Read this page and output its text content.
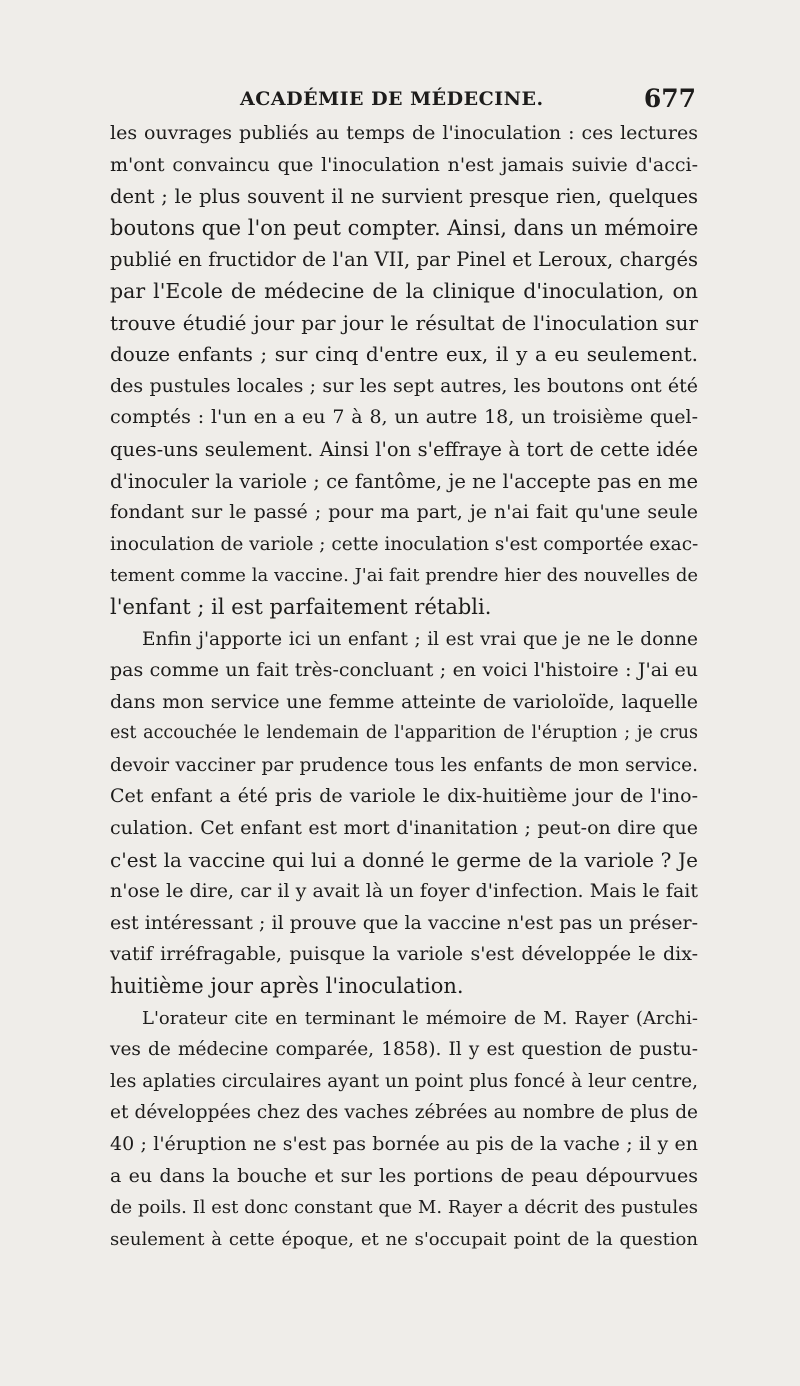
ACADÉMIE DE MÉDECINE.	677
les ouvrages publiés au temps de l'inoculation : ces lectures
m'ont convaincu que l'inoculation n'est jamais suivie d'acci-
dent ; le plus souvent il ne survient presque rien, quelques
boutons que l'on peut compter. Ainsi, dans un mémoire
publié en fructidor de l'an VII, par Pinel et Leroux, chargés
par l'Ecole de médecine de la clinique d'inoculation, on
trouve étudié jour par jour le résultat de l'inoculation sur
douze enfants ; sur cinq d'entre eux, il y a eu seulement.
des pustules locales ; sur les sept autres, les boutons ont été
comptés : l'un en a eu 7 à 8, un autre 18, un troisième quel-
ques-uns seulement. Ainsi l'on s'effraye à tort de cette idée
d'inoculer la variole ; ce fantôme, je ne l'accepte pas en me
fondant sur le passé ; pour ma part, je n'ai fait qu'une seule
inoculation de variole ; cette inoculation s'est comportée exac-
tement comme la vaccine. J'ai fait prendre hier des nouvelles de
l'enfant ; il est parfaitement rétabli.
Enfin j'apporte ici un enfant ; il est vrai que je ne le donne
pas comme un fait très-concluant ; en voici l'histoire : J'ai eu
dans mon service une femme atteinte de varioloïde, laquelle
est accouchée le lendemain de l'apparition de l'éruption ; je crus
devoir vacciner par prudence tous les enfants de mon service.
Cet enfant a été pris de variole le dix-huitième jour de l'ino-
culation. Cet enfant est mort d'inanitation ; peut-on dire que
c'est la vaccine qui lui a donné le germe de la variole ? Je
n'ose le dire, car il y avait là un foyer d'infection. Mais le fait
est intéressant ; il prouve que la vaccine n'est pas un préser-
vatif irréfragable, puisque la variole s'est développée le dix-
huitième jour après l'inoculation.
L'orateur cite en terminant le mémoire de M. Rayer (Archi-
ves de médecine comparée, 1858). Il y est question de pustu-
les aplaties circulaires ayant un point plus foncé à leur centre,
et développées chez des vaches zébrées au nombre de plus de
40 ; l'éruption ne s'est pas bornée au pis de la vache ; il y en
a eu dans la bouche et sur les portions de peau dépourvues
de poils. Il est donc constant que M. Rayer a décrit des pustules
seulement à cette époque, et ne s'occupait point de la question
